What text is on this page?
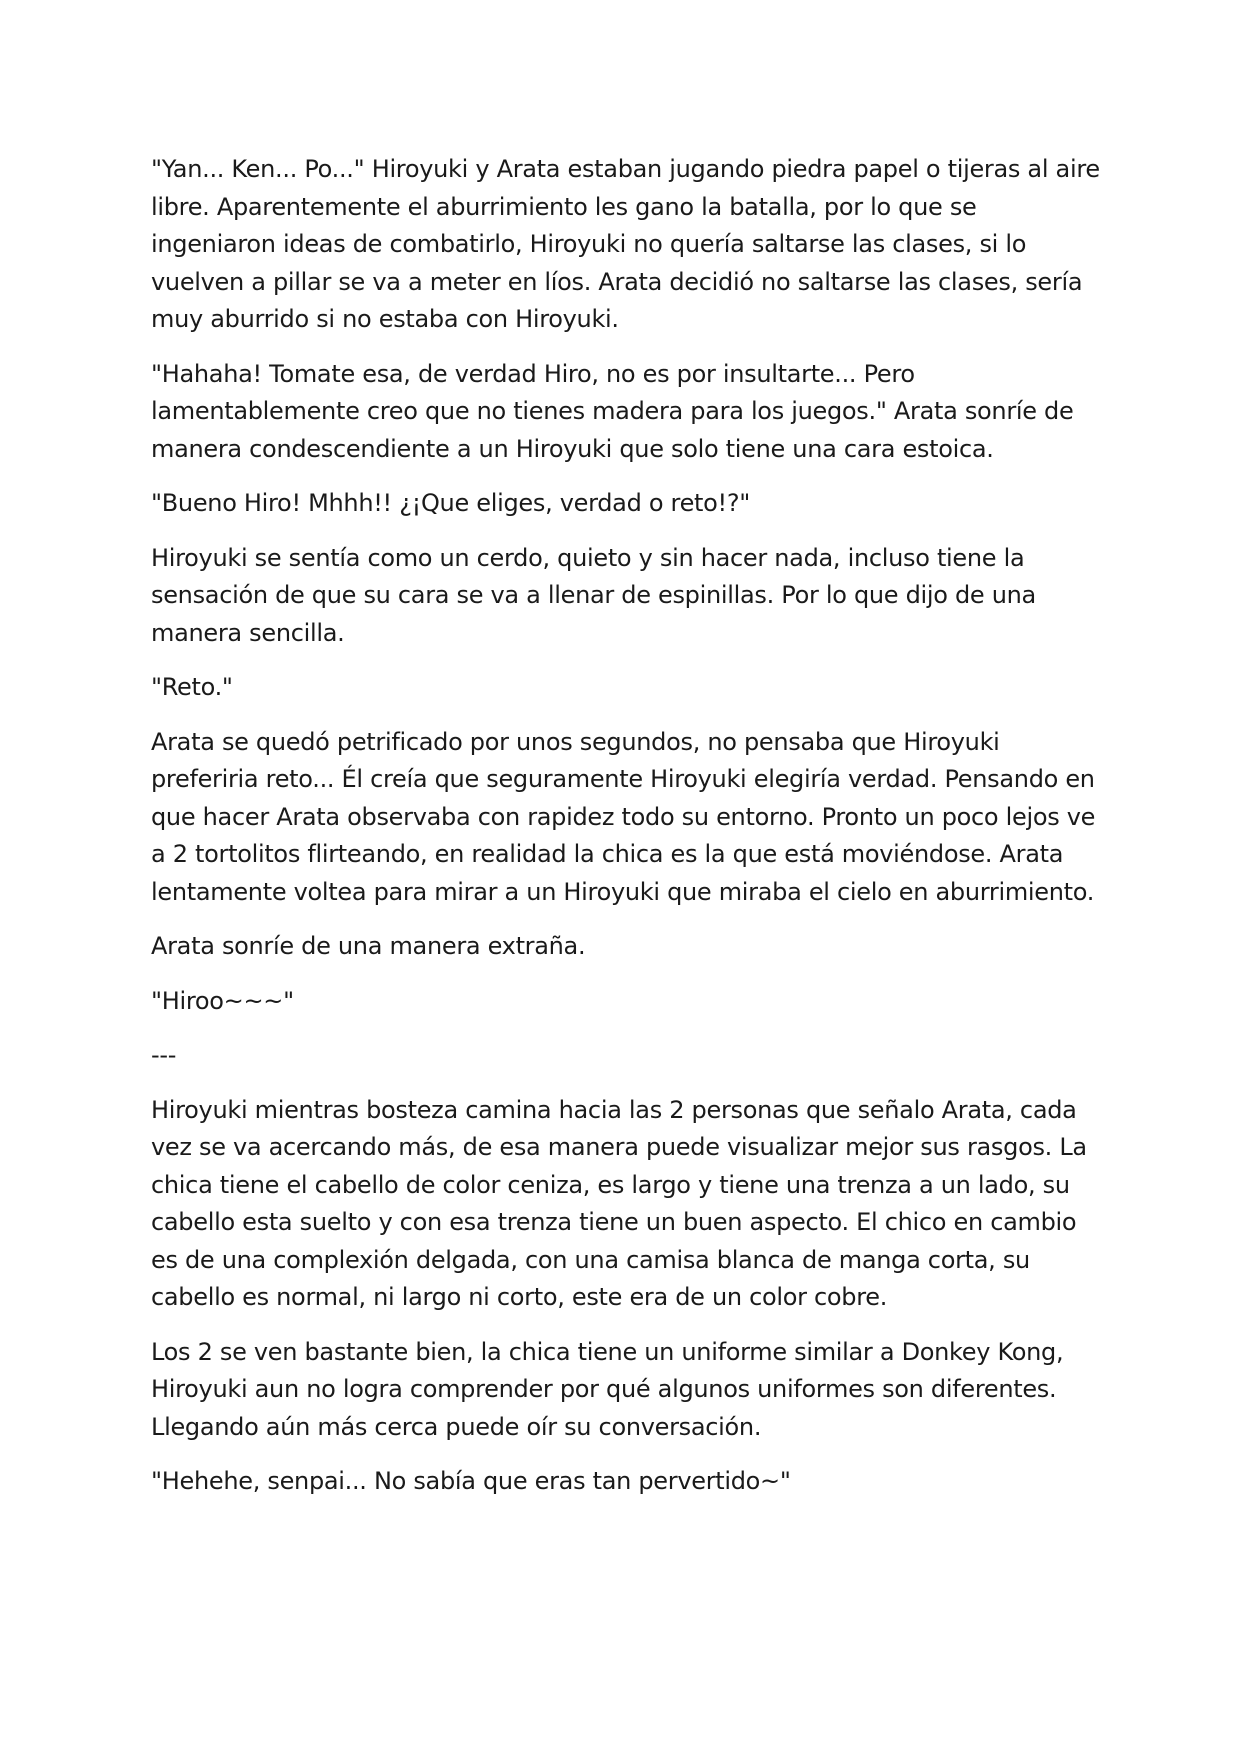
"Yan... Ken... Po..." Hiroyuki y Arata estaban jugando piedra papel o tijeras al aire libre. Aparentemente el aburrimiento les gano la batalla, por lo que se ingeniaron ideas de combatirlo, Hiroyuki no quería saltarse las clases, si lo vuelven a pillar se va a meter en líos. Arata decidió no saltarse las clases, sería muy aburrido si no estaba con Hiroyuki.

"Hahaha! Tomate esa, de verdad Hiro, no es por insultarte... Pero lamentablemente creo que no tienes madera para los juegos." Arata sonríe de manera condescendiente a un Hiroyuki que solo tiene una cara estoica.

"Bueno Hiro! Mhhh!! ¿¡Que eliges, verdad o reto!?"

Hiroyuki se sentía como un cerdo, quieto y sin hacer nada, incluso tiene la sensación de que su cara se va a llenar de espinillas. Por lo que dijo de una manera sencilla.

"Reto."

Arata se quedó petrificado por unos segundos, no pensaba que Hiroyuki preferiria reto... Él creía que seguramente Hiroyuki elegiría verdad. Pensando en que hacer Arata observaba con rapidez todo su entorno. Pronto un poco lejos ve a 2 tortolitos flirteando, en realidad la chica es la que está moviéndose. Arata lentamente voltea para mirar a un Hiroyuki que miraba el cielo en aburrimiento.

Arata sonríe de una manera extraña.

"Hiroo~~~"

---

Hiroyuki mientras bosteza camina hacia las 2 personas que señalo Arata, cada vez se va acercando más, de esa manera puede visualizar mejor sus rasgos. La chica tiene el cabello de color ceniza, es largo y tiene una trenza a un lado, su cabello esta suelto y con esa trenza tiene un buen aspecto. El chico en cambio es de una complexión delgada, con una camisa blanca de manga corta, su cabello es normal, ni largo ni corto, este era de un color cobre.

Los 2 se ven bastante bien, la chica tiene un uniforme similar a Donkey Kong, Hiroyuki aun no logra comprender por qué algunos uniformes son diferentes. Llegando aún más cerca puede oír su conversación.

"Hehehe, senpai... No sabía que eras tan pervertido~"
